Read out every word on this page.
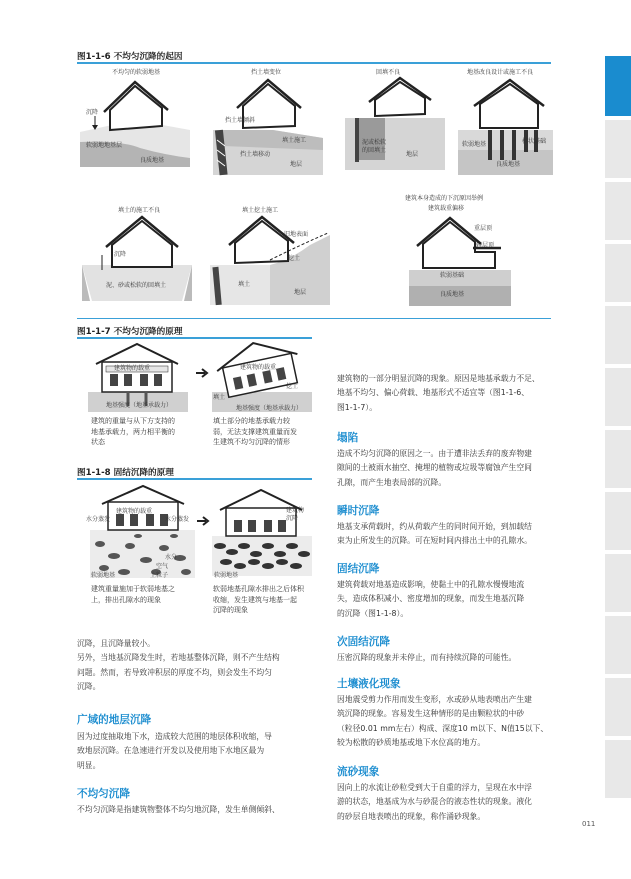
011
图1-1-6 不均匀沉降的起因
不均匀的软弱地基	挡土墙变位	回填不良	地基改良设计或施工不良
沉降
软弱地地基层
良质地基
挡土墙倾斜
填土施工
挡土墙移动
地层
泥或松软
的回填土
地层
软弱地基	桩状基础
良质地基
填土的施工不良	填土挖土施工
建筑本身造成的下沉原因举例
建筑载重偏移
沉降
泥、砂或松软的回填土
旧地表面
挖土
填土
地层
重层顶
轻层顶
软弱基础
良质地基
图1-1-7 不均匀沉降的原理
建筑物的载重
地基强度（地基承载力）
建筑物的载重
挖土
填土
地基强度（地基承载力）
建筑的重量与从下方支持的
地基承载力，两力相平衡的
状态
填土部分的地基承载力较
弱，无法支撑建筑重量而发
生建筑不均匀沉降的情形
图1-1-8 固结沉降的原理
建筑物的载重
水分蒸发	水分蒸发
水分
空气
土粒子
软弱地基
建筑物
沉降
软弱地基
建筑重量施加于软弱地基之
上，排出孔隙水的现象
软弱地基孔隙水排出之后体积
收缩，发生建筑与地基一起
沉降的现象
沉降，且沉降量较小。
另外，当地基沉降发生时，若地基整体沉降，则不产生结构
问题。然而，若导致冲积层的厚度不均，则会发生不均匀
沉降。
广域的地层沉降
因为过度抽取地下水，造成较大范围的地层体积收缩，导
致地层沉降。在急速进行开发以及使用地下水地区最为
明显。
不均匀沉降
不均匀沉降是指建筑物整体不均匀地沉降，发生单侧倾斜、
建筑物的一部分明显沉降的现象。原因是地基承载力不足、
地基不均匀、偏心荷载、地基形式不适宜等（图1-1-6、
图1-1-7）。
塌陷
造成不均匀沉降的原因之一。由于遭非法丢弃的废弃物建
隙间的土被雨水抽空、掩埋的植物或垃圾等腐蚀产生空间
孔隙，而产生地表局部的沉降。
瞬时沉降
地基支承荷载时，约从荷载产生的同时间开始，到加载结
束为止所发生的沉降。可在短时间内排出土中的孔隙水。
固结沉降
建筑荷载对地基造成影响，使黏土中的孔隙水慢慢地流
失，造成体积减小、密度增加的现象，而发生地基沉降
的沉降（图1-1-8）。
次固结沉降
压密沉降的现象并未停止，而有持续沉降的可能性。
土壤液化现象
因地震受剪力作用而发生变形，水或砂从地表喷出产生建
筑沉降的现象。容易发生这种情形的是由颗粒状的中砂
（粒径0.01 mm左右）构成、深度10 m以下、N值15以下、
较为松散的砂质地基或地下水位高的地方。
流砂现象
因向上的水流让砂粒受到大于自重的浮力，呈现在水中浮
游的状态，地基成为水与砂混合的液态性状的现象。液化
的砂层自地表喷出的现象，称作涌砂现象。
